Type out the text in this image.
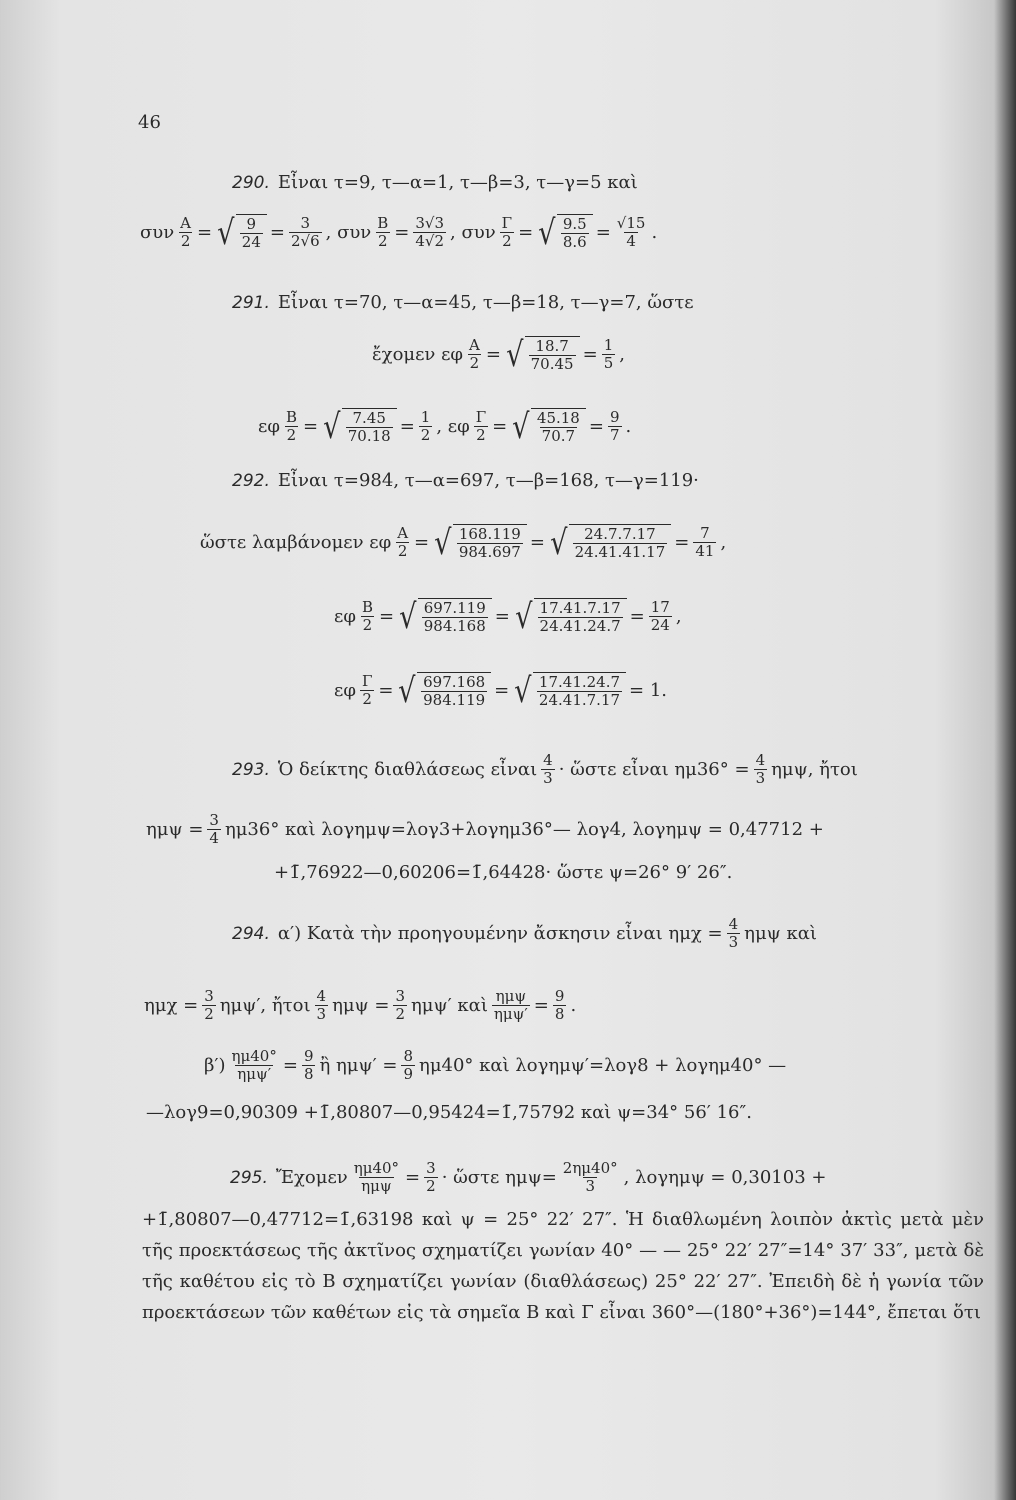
46
290. Εἶναι τ=9, τ—α=1, τ—β=3, τ—γ=5 καὶ
συν $\frac{A}{2}$ = √ $\frac{9}{24} = \frac{3}{2√6}$ , συν $\frac{B}{2} = \frac{3√3}{4√2}$ , συν $\frac{\Gamma}{2}$ = √ $\frac{9.5}{8.6} = \frac{√15}{4}$ .
291. Εἶναι τ=70, τ—α=45, τ—β=18, τ—γ=7, ὥστε
ἔχομεν εφ $\frac{A}{2}$ = √ $\frac{18.7}{70.45} = \frac{1}{5}$ ,
εφ $\frac{B}{2}$ = √ $\frac{7.45}{70.18} = \frac{1}{2}$ , εφ $\frac{\Gamma}{2}$ = √ $\frac{45.18}{70.7} = \frac{9}{7}$ .
292. Εἶναι τ=984, τ—α=697, τ—β=168, τ—γ=119·
ὥστε λαμβάνομεν εφ $\frac{A}{2}$ = √ $\frac{168.119}{984.697}$ = √ $\frac{24.7.7.17}{24.41.41.17} = \frac{7}{41}$ ,
εφ $\frac{B}{2}$ = √ $\frac{697.119}{984.168}$ = √ $\frac{17.41.7.17}{24.41.24.7} = \frac{17}{24}$ ,
εφ $\frac{\Gamma}{2}$ = √ $\frac{697.168}{984.119}$ = √ $\frac{17.41.24.7}{24.41.7.17} = 1$.
293. Ὁ δείκτης διαθλάσεως εἶναι $\frac{4}{3}$ · ὥστε εἶναι $\eta\mu 36^\circ = \frac{4}{3} \eta\mu\psi$, ἤτοι
$\eta\mu\psi = \frac{3}{4} \eta\mu 36^\circ$ καὶ λογημψ=λογ3+λογημ36°— λογ4, λογημψ = 0,47712 +
+1̄,76922—0,60206=1̄,64428· ὥστε ψ=26° 9′ 26″.
294. α′) Κατὰ τὴν προηγουμένην ἄσκησιν εἶναι $\eta\mu\chi = \frac{4}{3}$ ημψ καὶ
$\eta\mu\chi = \frac{3}{2} \eta\mu\psi'$, ἤτοι $\frac{4}{3}$ $\eta\mu\psi = \frac{3}{2} \eta\mu\psi'$ καὶ $\frac{\text{ημψ}}{\text{ημψ′}} = \frac{9}{8}$ .
$\beta') \frac{\eta\mu 40^\circ}{\text{ημψ′}} = \frac{9}{8}$ ἢ $\eta\mu\psi' = \frac{8}{9} \eta\mu 40^\circ$ καὶ λογημψ′=λογ8 + λογημ40° —
—λογ9=0,90309 +1̄,80807—0,95424=1̄,75792 καὶ ψ=34° 56′ 16″.
295. Ἔχομεν $\frac{\eta\mu 40^\circ}{\text{ημψ}} = \frac{3}{2}$ · ὥστε $\eta\mu\psi= \frac{2\eta\mu 40^\circ}{3}$ , λογημψ = 0,30103 +
+1̄,80807—0,47712=1̄,63198 καὶ ψ = 25° 22′ 27″. Ἡ διαθλωμένη λοιπὸν ἀκτὶς μετὰ μὲν τῆς προεκτάσεως τῆς ἀκτῖνος σχηματίζει γωνίαν 40° — — 25° 22′ 27″=14° 37′ 33″, μετὰ δὲ τῆς καθέτου εἰς τὸ Β σχηματίζει γωνίαν (διαθλάσεως) 25° 22′ 27″. Ἐπειδὴ δὲ ἡ γωνία τῶν προεκτάσεων τῶν καθέτων εἰς τὰ σημεῖα Β καὶ Γ εἶναι 360°—(180°+36°)=144°, ἔπεται ὅτι
